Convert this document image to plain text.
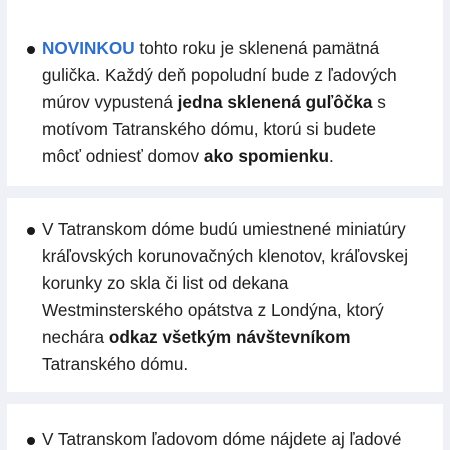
NOVINKOU tohto roku je sklenená pamätná
gulička. Každý deň popoludní bude z ľadových
múrov vypustená jedna sklenená guľôčka s
motívom Tatranského dómu, ktorú si budete
môcť odniesť domov ako spomienku.
V Tatranskom dóme budú umiestnené miniatúry
kráľovských korunovačných klenotov, kráľovskej
korunky zo skla či list od dekana
Westminsterského opátstva z Londýna, ktorý
nechára odkaz všetkým návštevníkom
Tatranského dómu.
V Tatranskom ľadovom dóme nájdete aj ľadové
